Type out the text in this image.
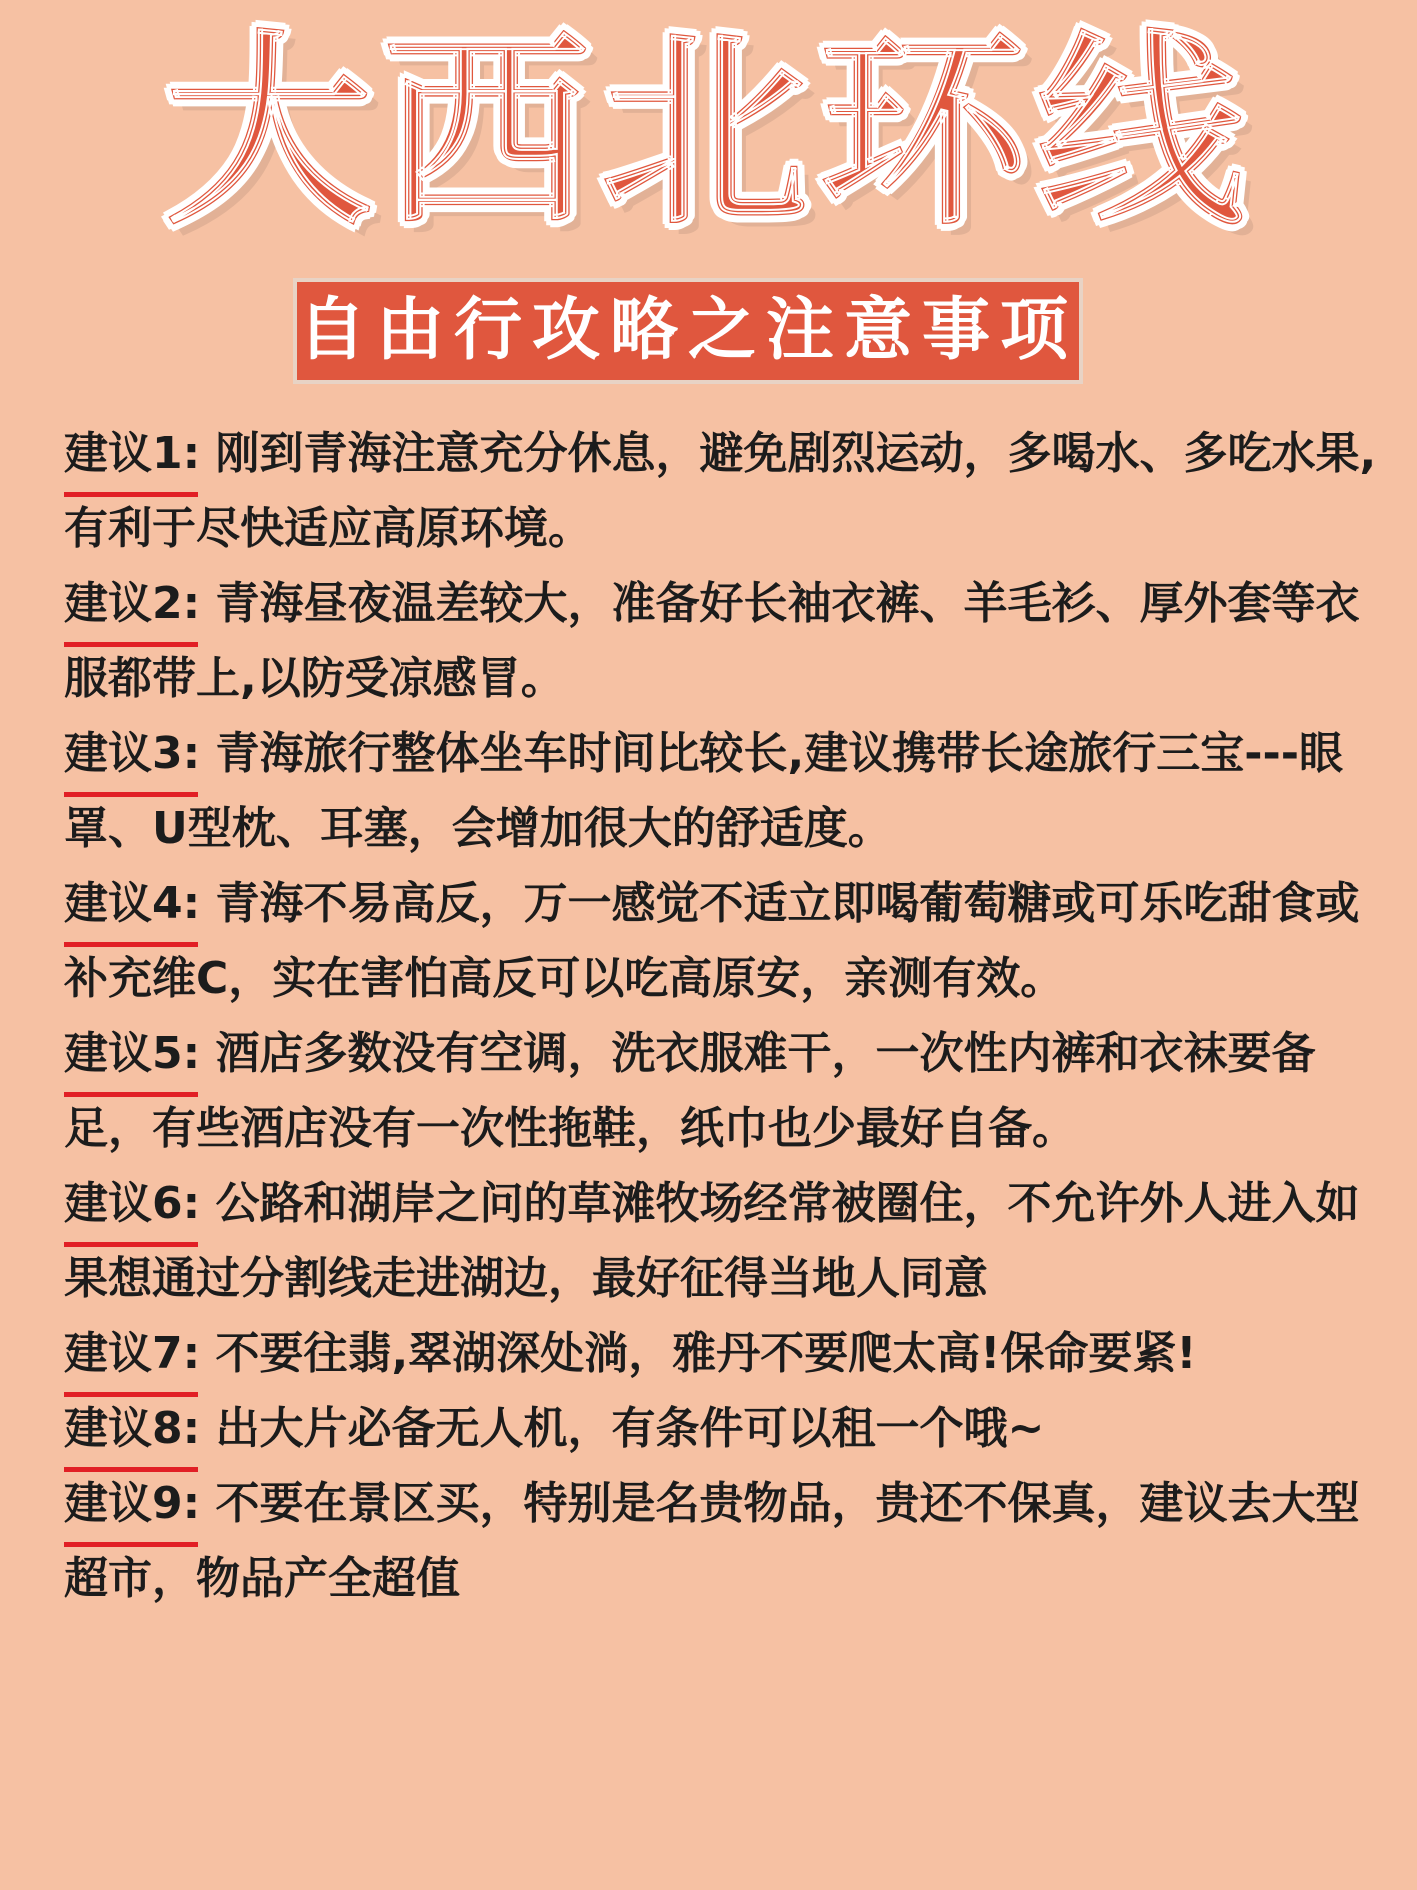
大西北环线
自由行攻略之注意事项

建议1: 刚到青海注意充分休息，避免剧烈运动，多喝水、多吃水果,有利于尽快适应高原环境。

建议2: 青海昼夜温差较大，准备好长袖衣裤、羊毛衫、厚外套等衣服都带上,以防受凉感冒。

建议3: 青海旅行整体坐车时间比较长,建议携带长途旅行三宝---眼罩、U型枕、耳塞，会增加很大的舒适度。

建议4: 青海不易高反，万一感觉不适立即喝葡萄糖或可乐吃甜食或补充维C，实在害怕高反可以吃高原安，亲测有效。

建议5: 酒店多数没有空调，洗衣服难干，一次性内裤和衣袜要备足，有些酒店没有一次性拖鞋，纸巾也少最好自备。

建议6: 公路和湖岸之问的草滩牧场经常被圈住，不允许外人进入如果想通过分割线走进湖边，最好征得当地人同意

建议7: 不要往翡,翠湖深处淌，雅丹不要爬太高!保命要紧!

建议8: 出大片必备无人机，有条件可以租一个哦~

建议9: 不要在景区买，特别是名贵物品，贵还不保真，建议去大型超市，物品产全超值
